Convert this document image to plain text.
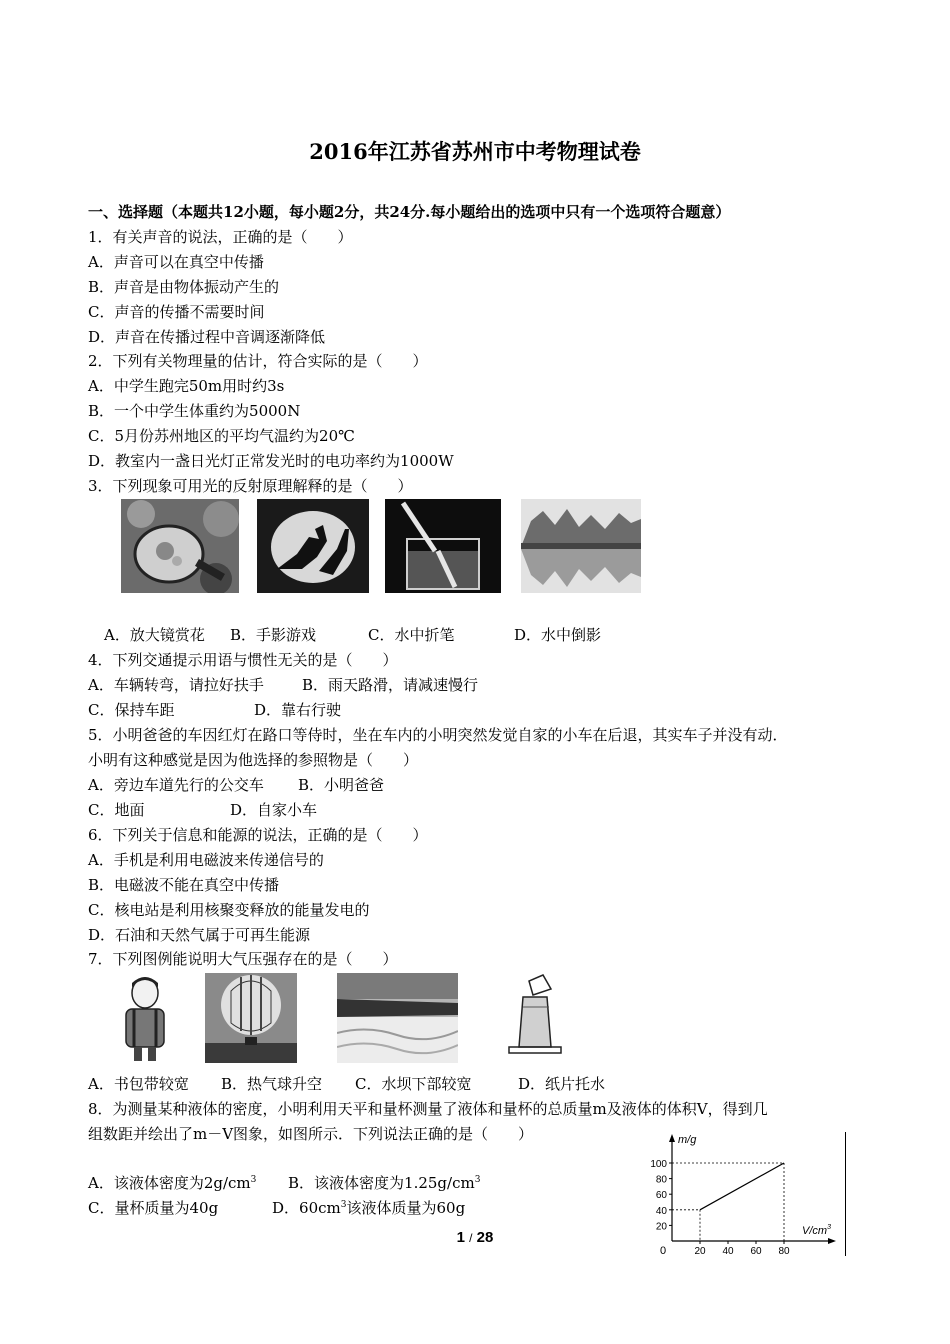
2016年江苏省苏州市中考物理试卷
一、选择题（本题共12小题，每小题2分，共24分.每小题给出的选项中只有一个选项符合题意）
1．有关声音的说法，正确的是（　　）
A．声音可以在真空中传播
B．声音是由物体振动产生的
C．声音的传播不需要时间
D．声音在传播过程中音调逐渐降低
2．下列有关物理量的估计，符合实际的是（　　）
A．中学生跑完50m用时约3s
B．一个中学生体重约为5000N
C．5月份苏州地区的平均气温约为20℃
D．教室内一盏日光灯正常发光时的电功率约为1000W
3．下列现象可用光的反射原理解释的是（　　）
A．放大镜赏花 B．手影游戏	C．水中折笔	D．水中倒影
4．下列交通提示用语与惯性无关的是（　　）
A．车辆转弯，请拉好扶手	B．雨天路滑，请减速慢行
C．保持车距	D．靠右行驶
5．小明爸爸的车因红灯在路口等侍时，坐在车内的小明突然发觉自家的小车在后退，其实车子并没有动．
小明有这种感觉是因为他选择的参照物是（　　）
A．旁边车道先行的公交车 B．小明爸爸
C．地面	D．自家小车
6．下列关于信息和能源的说法，正确的是（　　）
A．手机是利用电磁波来传递信号的
B．电磁波不能在真空中传播
C．核电站是利用核聚变释放的能量发电的
D．石油和天然气属于可再生能源
7．下列图例能说明大气压强存在的是（　　）
A．书包带较宽 B．热气球升空 C．水坝下部较宽	D．纸片托水
8．为测量某种液体的密度，小明利用天平和量杯测量了液体和量杯的总质量m及液体的体积V，得到几
组数距并绘出了m－V图象，如图所示．下列说法正确的是（　　）
A．该液体密度为$2g/cm^3$ B．该液体密度为$1.25g/cm^3$
C．量杯质量为40g	D．$60cm^3$该液体质量为60g
100
80
60
40
20
20 40 60 80
m/g
$V/cm^3$
0
1 / 28
